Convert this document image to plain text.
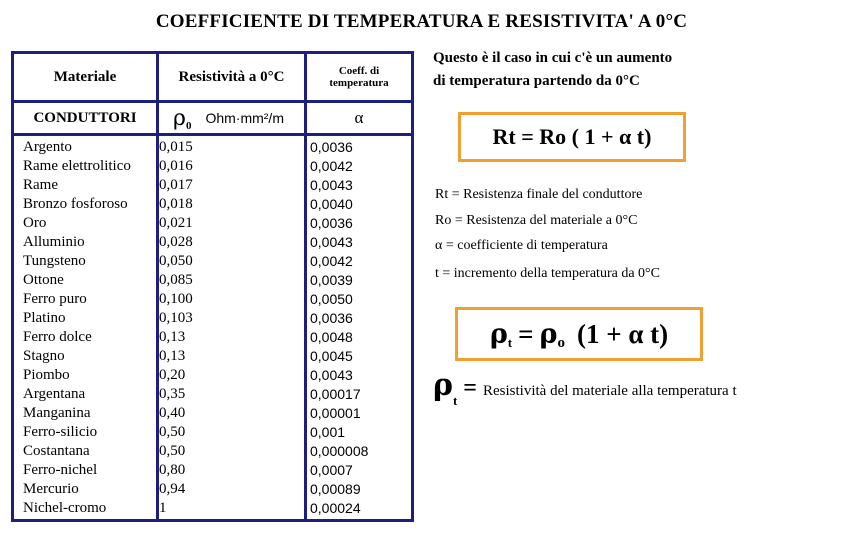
COEFFICIENTE DI TEMPERATURA E RESISTIVITA' A 0°C
Materiale	Resistività a 0°C	Coeff. di
temperatura
CONDUTTORI	ρ 0 Ohm·mm²/m	α
Argento	0,015	0,0036
Rame elettrolitico 0,016	0,0042
Rame	0,017	0,0043
Bronzo fosforoso 0,018	0,0040
Oro	0,021	0,0036
Alluminio	0,028	0,0043
Tungsteno	0,050	0,0042
Ottone	0,085	0,0039
Ferro puro	0,100	0,0050
Platino	0,103	0,0036
Ferro dolce	0,13	0,0048
Stagno	0,13	0,0045
Piombo	0,20	0,0043
Argentana	0,35	0,00017
Manganina	0,40	0,00001
Ferro-silicio	0,50	0,001
Costantana	0,50	0,000008
Ferro-nichel	0,80	0,0007
Mercurio	0,94	0,00089
Nichel-cromo	1	0,00024
Questo è il caso in cui c'è un aumento
di temperatura partendo da 0°C
Rt = Ro ( 1 + α t)
Rt = Resistenza finale del conduttore
Ro = Resistenza del materiale a 0°C
α = coefficiente di temperatura
t = incremento della temperatura da 0°C
ρ t = ρ o (1 + α t)
$\rho_t$ = Resistività del materiale alla temperatura t
